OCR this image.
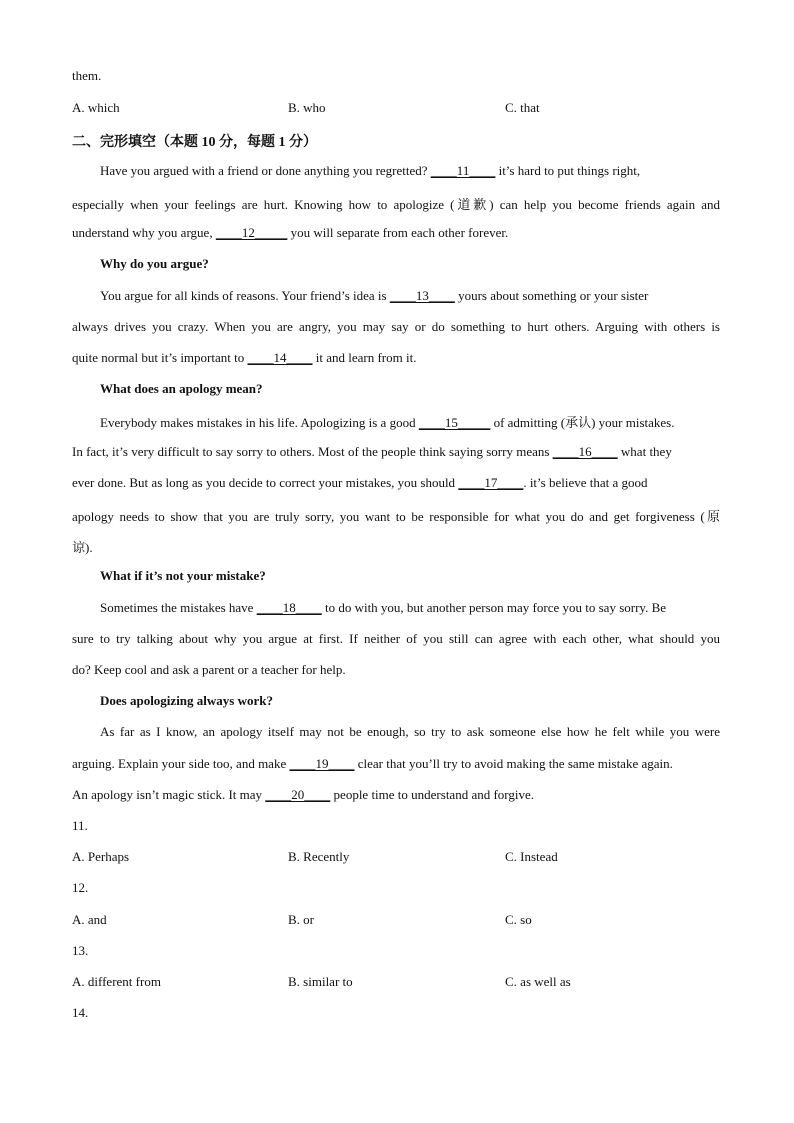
them.
A. which	B. who	C. that
二、完形填空（本题 10 分，每题 1 分）
Have you argued with a friend or done anything you regretted? ____11____ it’s hard to put things right,
especially when your feelings are hurt. Knowing how to apologize (道歉) can help you become friends again and
understand why you argue, ____12_____ you will separate from each other forever.
Why do you argue?
You argue for all kinds of reasons. Your friend’s idea is ____13____ yours about something or your sister
always drives you crazy. When you are angry, you may say or do something to hurt others. Arguing with others is
quite normal but it’s important to ____14____ it and learn from it.
What does an apology mean?
Everybody makes mistakes in his life. Apologizing is a good ____15_____ of admitting (承认) your mistakes.
In fact, it’s very difficult to say sorry to others. Most of the people think saying sorry means ____16____ what they
ever done. But as long as you decide to correct your mistakes, you should ____17____. it’s believe that a good
apology needs to show that you are truly sorry, you want to be responsible for what you do and get forgiveness (原
谅).
What if it’s not your mistake?
Sometimes the mistakes have ____18____ to do with you, but another person may force you to say sorry. Be
sure to try talking about why you argue at first. If neither of you still can agree with each other, what should you
do? Keep cool and ask a parent or a teacher for help.
Does apologizing always work?
As far as I know, an apology itself may not be enough, so try to ask someone else how he felt while you were
arguing. Explain your side too, and make ____19____ clear that you’ll try to avoid making the same mistake again.
An apology isn’t magic stick. It may ____20____ people time to understand and forgive.
11.
A. Perhaps	B. Recently	C. Instead
12.
A. and	B. or	C. so
13.
A. different from	B. similar to	C. as well as
14.
